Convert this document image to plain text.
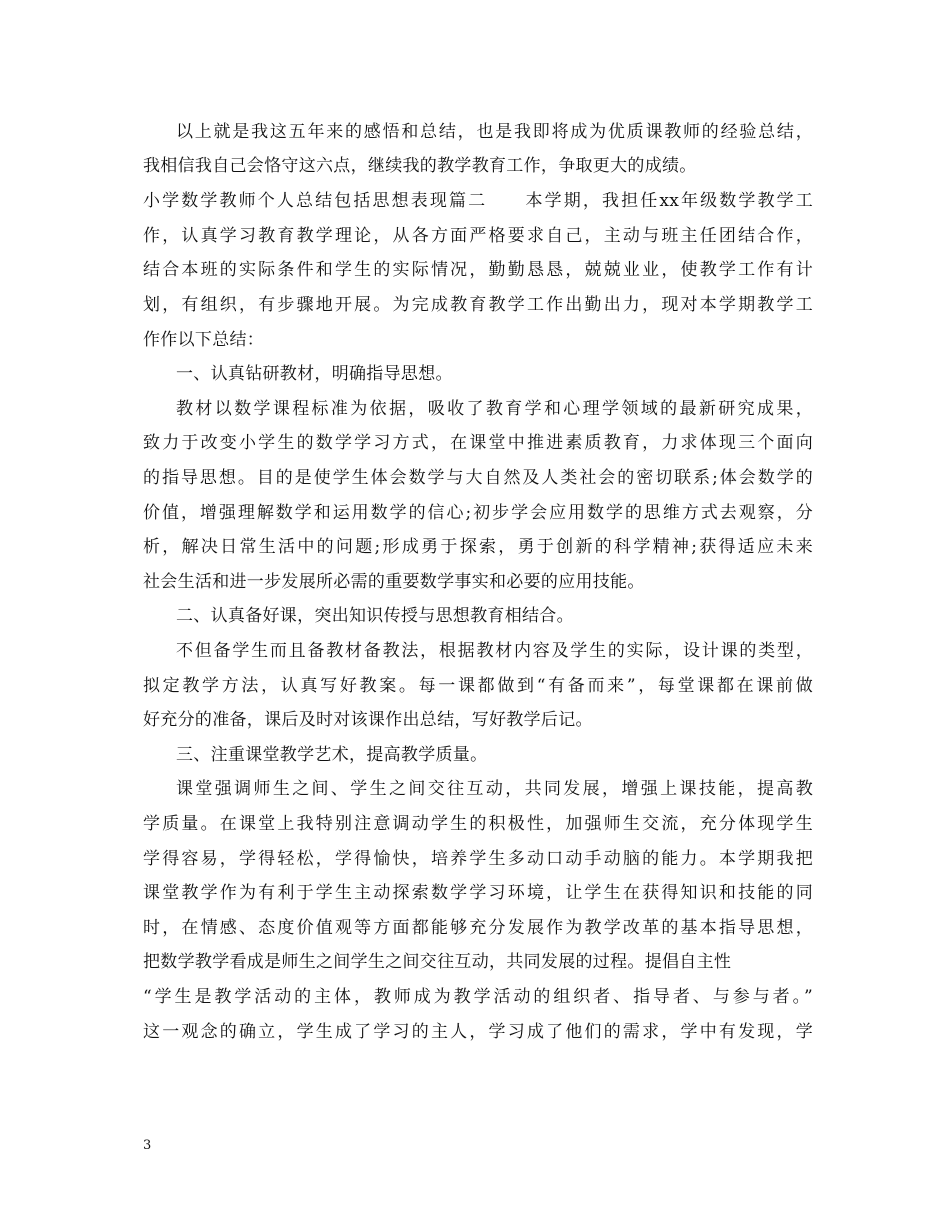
以上就是我这五年来的感悟和总结，也是我即将成为优质课教师的经验总结，
我相信我自己会恪守这六点，继续我的教学教育工作，争取更大的成绩。
小学数学教师个人总结包括思想表现篇二　　本学期，我担任xx年级数学教学工
作，认真学习教育教学理论，从各方面严格要求自己，主动与班主任团结合作，
结合本班的实际条件和学生的实际情况，勤勤恳恳，兢兢业业，使教学工作有计
划，有组织，有步骤地开展。为完成教育教学工作出勤出力，现对本学期教学工
作作以下总结：
一、认真钻研教材，明确指导思想。
教材以数学课程标准为依据，吸收了教育学和心理学领域的最新研究成果，
致力于改变小学生的数学学习方式，在课堂中推进素质教育，力求体现三个面向
的指导思想。目的是使学生体会数学与大自然及人类社会的密切联系;体会数学的
价值，增强理解数学和运用数学的信心;初步学会应用数学的思维方式去观察，分
析，解决日常生活中的问题;形成勇于探索，勇于创新的科学精神;获得适应未来
社会生活和进一步发展所必需的重要数学事实和必要的应用技能。
二、认真备好课，突出知识传授与思想教育相结合。
不但备学生而且备教材备教法，根据教材内容及学生的实际，设计课的类型，
拟定教学方法，认真写好教案。每一课都做到“有备而来”，每堂课都在课前做
好充分的准备，课后及时对该课作出总结，写好教学后记。
三、注重课堂教学艺术，提高教学质量。
课堂强调师生之间、学生之间交往互动，共同发展，增强上课技能，提高教
学质量。在课堂上我特别注意调动学生的积极性，加强师生交流，充分体现学生
学得容易，学得轻松，学得愉快，培养学生多动口动手动脑的能力。本学期我把
课堂教学作为有利于学生主动探索数学学习环境，让学生在获得知识和技能的同
时，在情感、态度价值观等方面都能够充分发展作为教学改革的基本指导思想，
把数学教学看成是师生之间学生之间交往互动，共同发展的过程。提倡自主性
“学生是教学活动的主体，教师成为教学活动的组织者、指导者、与参与者。”
这一观念的确立，学生成了学习的主人，学习成了他们的需求，学中有发现，学
3
